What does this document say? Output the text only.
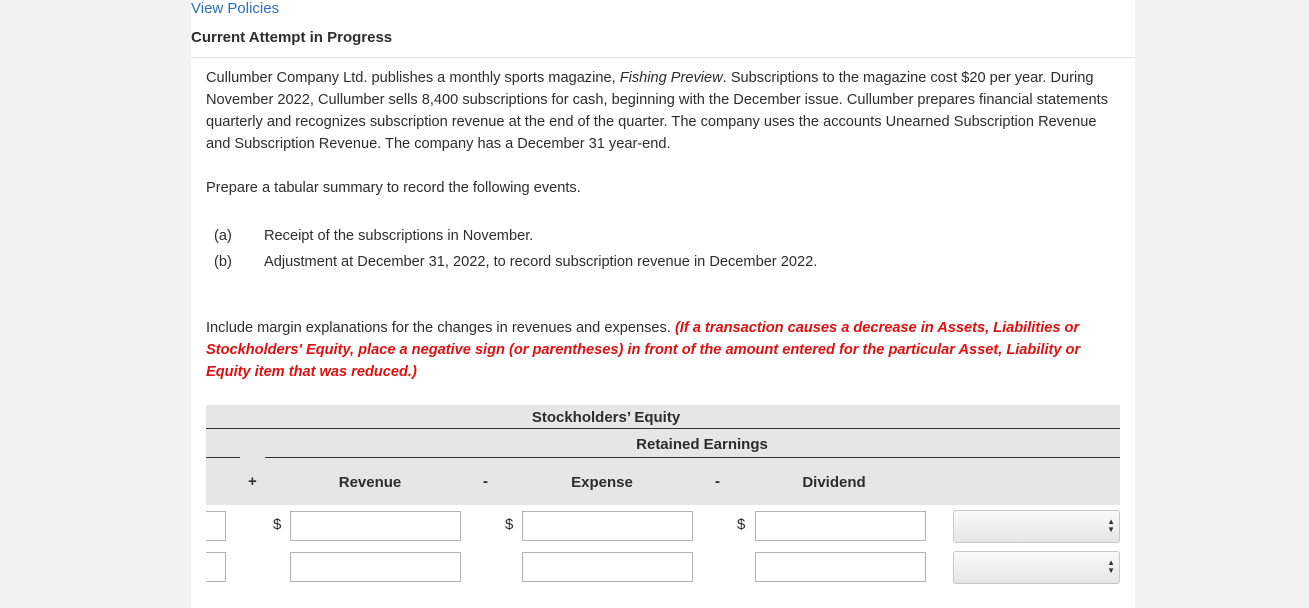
View Policies
Current Attempt in Progress

Cullumber Company Ltd. publishes a monthly sports magazine, Fishing Preview. Subscriptions to the magazine cost $20 per year. During November 2022, Cullumber sells 8,400 subscriptions for cash, beginning with the December issue. Cullumber prepares financial statements quarterly and recognizes subscription revenue at the end of the quarter. The company uses the accounts Unearned Subscription Revenue and Subscription Revenue. The company has a December 31 year-end.

Prepare a tabular summary to record the following events.
(a)	Receipt of the subscriptions in November.
(b)	Adjustment at December 31, 2022, to record subscription revenue in December 2022.
Include margin explanations for the changes in revenues and expenses. (If a transaction causes a decrease in Assets, Liabilities or Stockholders' Equity, place a negative sign (or parentheses) in front of the amount entered for the particular Asset, Liability or Equity item that was reduced.)
Stockholders’ Equity
Retained Earnings
+	Revenue	-	Expense	-	Dividend
$	$	$	▲
▼
▲
▼
